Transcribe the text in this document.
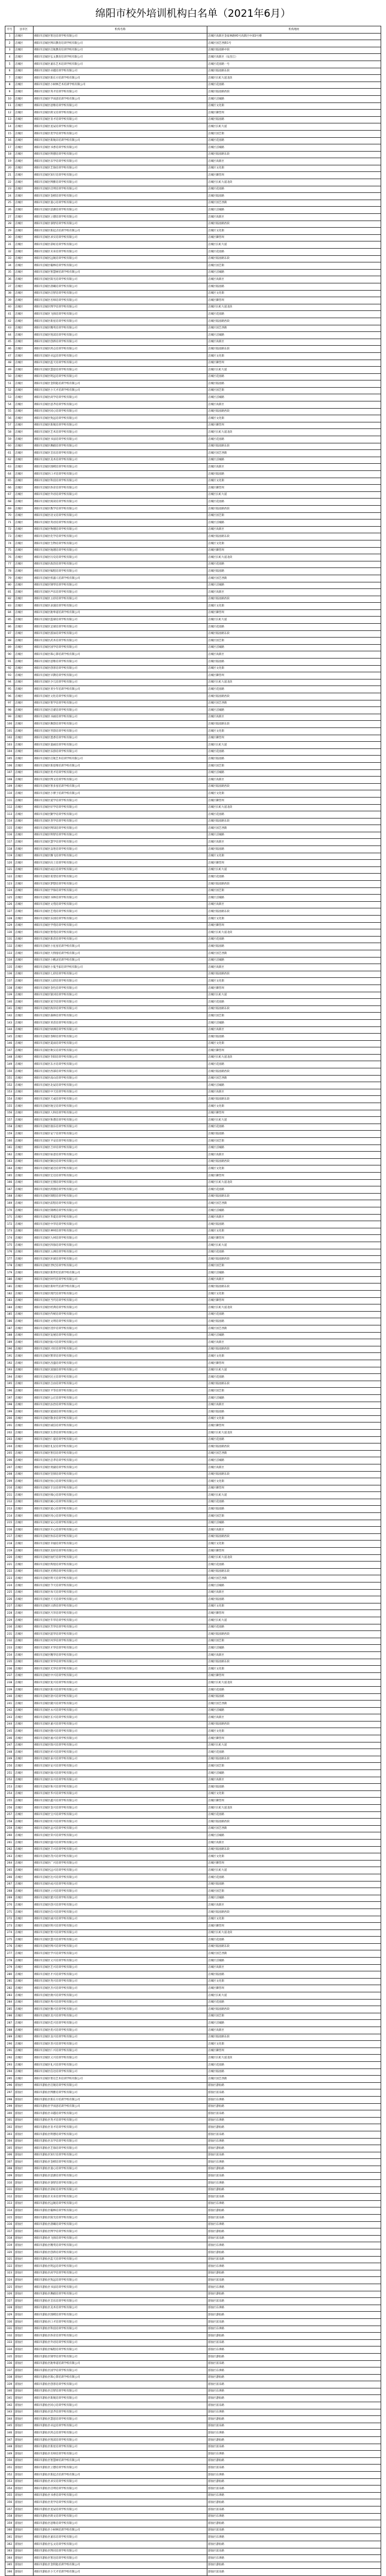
绵阳市校外培训机构白名单（2021年6月）
序号	县市区	机构名称	机构地址
1	涪城区	绵阳市涪城区智达培训学校有限公司	涪城区高新区金家林路95号高新区中部3号楼
2	涪城区	绵阳市涪城区博识教育培训学校有限公司	涪城区园艺西街1号
3	涪城区	绵阳市涪城区启航教育培训学校有限公司	涪城区临园路中段
4	涪城区	绵阳市涪城区弘文教育培训学校有限公司	涪城区高新区（安昌江）
5	涪城区	绵阳市涪城区嘉乐艺术培训学校有限公司	涪城区花园路一号
6	涪城区	绵阳市涪城区卓越培训学校有限公司	涪城区临园路东段
7	涪城区	绵阳市涪城区新东方培训学校有限公司	涪城区长虹大道北段
8	涪城区	绵阳市涪城区小树林艺术培训学校有限公司	涪城区花园路
9	涪城区	绵阳市涪城区英才培训学校有限公司	涪城区临园路西段
10	涪城区	绵阳市涪城区学而思培训学校有限公司	涪城区涪城路
11	涪城区	绵阳市涪城区思维培训学校有限公司	涪城区文化街
12	涪城区	绵阳市涪城区朗文培训学校有限公司	涪城区御营坝
13	涪城区	绵阳市涪城区育才培训学校有限公司	涪城区临园路
14	涪城区	绵阳市涪城区星辰培训学校有限公司	涪城区长虹大道
15	涪城区	绵阳市涪城区优学培训学校有限公司	涪城区园艺街
16	涪城区	绵阳市涪城区新航向培训学校有限公司	涪城区花园路
17	涪城区	绵阳市涪城区书香培训学校有限公司	涪城区涪城路
18	涪城区	绵阳市涪城区明德培训学校有限公司	涪城区临园路东段
19	涪城区	绵阳市涪城区乐学培训学校有限公司	涪城区高新区
20	涪城区	绵阳市涪城区艺海培训学校有限公司	涪城区文化街
21	涪城区	绵阳市涪城区知行培训学校有限公司	涪城区御营坝
22	涪城区	绵阳市涪城区博雅培训学校有限公司	涪城区长虹大道北段
23	涪城区	绵阳市涪城区启明培训学校有限公司	涪城区花园路
24	涪城区	绵阳市涪城区金榜培训学校有限公司	涪城区临园路
25	涪城区	绵阳市涪城区童心培训学校有限公司	涪城区园艺西街
26	涪城区	绵阳市涪城区思源培训学校有限公司	涪城区涪城路
27	涪城区	绵阳市涪城区立德培训学校有限公司	涪城区高新区
28	涪城区	绵阳市涪城区睿智培训学校有限公司	涪城区临园路西段
29	涪城区	绵阳市涪城区新起点培训学校有限公司	涪城区文化街
30	涪城区	绵阳市涪城区求实培训学校有限公司	涪城区御营坝
31	涪城区	绵阳市涪城区彩虹培训学校有限公司	涪城区长虹大道
32	涪城区	绵阳市涪城区未来培训学校有限公司	涪城区花园路
33	涪城区	绵阳市涪城区远航培训学校有限公司	涪城区临园路东段
34	涪城区	绵阳市涪城区翰林培训学校有限公司	涪城区园艺街
35	涪城区	绵阳市涪城区智慧树培训学校有限公司	涪城区涪城路
36	涪城区	绵阳市涪城区阳光培训学校有限公司	涪城区高新区
37	涪城区	绵阳市涪城区晨曦培训学校有限公司	涪城区临园路
38	涪城区	绵阳市涪城区启智培训学校有限公司	涪城区文化街
39	涪城区	绵阳市涪城区名师培训学校有限公司	涪城区御营坝
40	涪城区	绵阳市涪城区博学培训学校有限公司	涪城区长虹大道北段
41	涪城区	绵阳市涪城区飞扬培训学校有限公司	涪城区花园路
42	涪城区	绵阳市涪城区新星培训学校有限公司	涪城区临园路西段
43	涪城区	绵阳市涪城区精英培训学校有限公司	涪城区园艺西街
44	涪城区	绵阳市涪城区悦读培训学校有限公司	涪城区涪城路
45	涪城区	绵阳市涪城区创新培训学校有限公司	涪城区高新区
46	涪城区	绵阳市涪城区鸿志培训学校有限公司	涪城区临园路东段
47	涪城区	绵阳市涪城区卓远培训学校有限公司	涪城区文化街
48	涪城区	绵阳市涪城区蓝天培训学校有限公司	涪城区御营坝
49	涪城区	绵阳市涪城区慧思培训学校有限公司	涪城区长虹大道
50	涪城区	绵阳市涪城区明远培训学校有限公司	涪城区花园路
51	涪城区	绵阳市涪城区金钥匙培训学校有限公司	涪城区临园路
52	涪城区	绵阳市涪城区小天才培训学校有限公司	涪城区园艺街
53	涪城区	绵阳市涪城区尚学培训学校有限公司	涪城区涪城路
54	涪城区	绵阳市涪城区思齐培训学校有限公司	涪城区高新区
55	涪城区	绵阳市涪城区同心培训学校有限公司	涪城区临园路西段
56	涪城区	绵阳市涪城区致远培训学校有限公司	涪城区文化街
57	涪城区	绵阳市涪城区新航培训学校有限公司	涪城区御营坝
58	涪城区	绵阳市涪城区艺术培训学校有限公司	涪城区长虹大道北段
59	涪城区	绵阳市涪城区书法培训学校有限公司	涪城区花园路
60	涪城区	绵阳市涪城区舞蹈培训学校有限公司	涪城区临园路东段
61	涪城区	绵阳市涪城区音乐培训学校有限公司	涪城区园艺西街
62	涪城区	绵阳市涪城区美术培训学校有限公司	涪城区涪城路
63	涪城区	绵阳市涪城区围棋培训学校有限公司	涪城区高新区
64	涪城区	绵阳市涪城区口才培训学校有限公司	涪城区临园路
65	涪城区	绵阳市涪城区科技培训学校有限公司	涪城区文化街
66	涪城区	绵阳市涪城区体育培训学校有限公司	涪城区御营坝
67	涪城区	绵阳市涪城区外语培训学校有限公司	涪城区长虹大道
68	涪城区	绵阳市涪城区阅读培训学校有限公司	涪城区花园路
69	涪城区	绵阳市涪城区数学培训学校有限公司	涪城区临园路西段
70	涪城区	绵阳市涪城区语文培训学校有限公司	涪城区园艺街
71	涪城区	绵阳市涪城区英语培训学校有限公司	涪城区涪城路
72	涪城区	绵阳市涪城区物理培训学校有限公司	涪城区高新区
73	涪城区	绵阳市涪城区化学培训学校有限公司	涪城区临园路东段
74	涪城区	绵阳市涪城区生物培训学校有限公司	涪城区文化街
75	涪城区	绵阳市涪城区地理培训学校有限公司	涪城区御营坝
76	涪城区	绵阳市涪城区历史培训学校有限公司	涪城区长虹大道北段
77	涪城区	绵阳市涪城区政治培训学校有限公司	涪城区花园路
78	涪城区	绵阳市涪城区编程培训学校有限公司	涪城区临园路
79	涪城区	绵阳市涪城区机器人培训学校有限公司	涪城区园艺西街
80	涪城区	绵阳市涪城区钢琴培训学校有限公司	涪城区涪城路
81	涪城区	绵阳市涪城区声乐培训学校有限公司	涪城区高新区
82	涪城区	绵阳市涪城区主持培训学校有限公司	涪城区临园路西段
83	涪城区	绵阳市涪城区表演培训学校有限公司	涪城区文化街
84	涪城区	绵阳市涪城区跆拳道培训学校有限公司	涪城区御营坝
85	涪城区	绵阳市涪城区篮球培训学校有限公司	涪城区长虹大道
86	涪城区	绵阳市涪城区足球培训学校有限公司	涪城区花园路
87	涪城区	绵阳市涪城区游泳培训学校有限公司	涪城区临园路东段
88	涪城区	绵阳市涪城区武术培训学校有限公司	涪城区园艺街
89	涪城区	绵阳市涪城区国学培训学校有限公司	涪城区涪城路
90	涪城区	绵阳市涪城区珠心算培训学校有限公司	涪城区高新区
91	涪城区	绵阳市涪城区思维培训学校有限公司	涪城区临园路
92	涪城区	绵阳市涪城区创客培训学校有限公司	涪城区文化街
93	涪城区	绵阳市涪城区早教培训学校有限公司	涪城区御营坝
94	涪城区	绵阳市涪城区少儿培训学校有限公司	涪城区长虹大道北段
95	涪城区	绵阳市涪城区青少年培训学校有限公司	涪城区花园路
96	涪城区	绵阳市涪城区文化培训学校有限公司	涪城区临园路西段
97	涪城区	绵阳市涪城区智学培训学校有限公司	涪城区园艺西街
98	涪城区	绵阳市涪城区启蒙培训学校有限公司	涪城区涪城路
99	涪城区	绵阳市涪城区书画培训学校有限公司	涪城区高新区
100	涪城区	绵阳市涪城区舞韵培训学校有限公司	涪城区临园路东段
101	涪城区	绵阳市涪城区琴韵培训学校有限公司	涪城区文化街
102	涪城区	绵阳市涪城区墨香培训学校有限公司	涪城区御营坝
103	涪城区	绵阳市涪城区童画培训学校有限公司	涪城区长虹大道
104	涪城区	绵阳市涪城区乐韵培训学校有限公司	涪城区花园路
105	涪城区	绵阳市涪城区启航艺术培训学校有限公司	涪城区临园路
106	涪城区	绵阳市涪城区新思维培训学校有限公司	涪城区园艺街
107	涪城区	绵阳市涪城区优才培训学校有限公司	涪城区涪城路
108	涪城区	绵阳市涪城区博文培训学校有限公司	涪城区高新区
109	涪城区	绵阳市涪城区智多星培训学校有限公司	涪城区临园路西段
110	涪城区	绵阳市涪城区小博士培训学校有限公司	涪城区文化街
111	涪城区	绵阳市涪城区爱学培训学校有限公司	涪城区御营坝
112	涪城区	绵阳市涪城区好学培训学校有限公司	涪城区长虹大道北段
113	涪城区	绵阳市涪城区勤学培训学校有限公司	涪城区花园路
114	涪城区	绵阳市涪城区善学培训学校有限公司	涪城区临园路东段
115	涪城区	绵阳市涪城区博知培训学校有限公司	涪城区园艺西街
116	涪城区	绵阳市涪城区明智培训学校有限公司	涪城区涪城路
117	涪城区	绵阳市涪城区慧学培训学校有限公司	涪城区高新区
118	涪城区	绵阳市涪城区奋进培训学校有限公司	涪城区临园路
119	涪城区	绵阳市涪城区腾飞培训学校有限公司	涪城区文化街
120	涪城区	绵阳市涪城区向上培训学校有限公司	涪城区御营坝
121	涪城区	绵阳市涪城区成长培训学校有限公司	涪城区长虹大道
122	涪城区	绵阳市涪城区希望培训学校有限公司	涪城区花园路
123	涪城区	绵阳市涪城区梦想培训学校有限公司	涪城区临园路西段
124	涪城区	绵阳市涪城区学海培训学校有限公司	涪城区园艺街
125	涪城区	绵阳市涪城区书林培训学校有限公司	涪城区涪城路
126	涪城区	绵阳市涪城区文苑培训学校有限公司	涪城区高新区
127	涪城区	绵阳市涪城区艺苑培训学校有限公司	涪城区临园路东段
128	涪城区	绵阳市涪城区乐园培训学校有限公司	涪城区文化街
129	涪城区	绵阳市涪城区学苑培训学校有限公司	涪城区御营坝
130	涪城区	绵阳市涪城区智苑培训学校有限公司	涪城区长虹大道北段
131	涪城区	绵阳市涪城区新苗培训学校有限公司	涪城区花园路
132	涪城区	绵阳市涪城区小星星培训学校有限公司	涪城区临园路
133	涪城区	绵阳市涪城区大拇指培训学校有限公司	涪城区园艺西街
134	涪城区	绵阳市涪城区小精灵培训学校有限公司	涪城区涪城路
135	涪城区	绵阳市涪城区小鬼当家培训学校有限公司	涪城区高新区
136	涪城区	绵阳市涪城区七彩培训学校有限公司	涪城区临园路西段
137	涪城区	绵阳市涪城区五彩培训学校有限公司	涪城区文化街
138	涪城区	绵阳市涪城区金色培训学校有限公司	涪城区御营坝
139	涪城区	绵阳市涪城区银河培训学校有限公司	涪城区长虹大道
140	涪城区	绵阳市涪城区星空培训学校有限公司	涪城区花园路
141	涪城区	绵阳市涪城区海洋培训学校有限公司	涪城区临园路东段
142	涪城区	绵阳市涪城区森林培训学校有限公司	涪城区园艺街
143	涪城区	绵阳市涪城区青苗培训学校有限公司	涪城区涪城路
144	涪城区	绵阳市涪城区绿洲培训学校有限公司	涪城区高新区
145	涪城区	绵阳市涪城区春晖培训学校有限公司	涪城区临园路
146	涪城区	绵阳市涪城区夏雨培训学校有限公司	涪城区文化街
147	涪城区	绵阳市涪城区秋实培训学校有限公司	涪城区御营坝
148	涪城区	绵阳市涪城区冬阳培训学校有限公司	涪城区长虹大道北段
149	涪城区	绵阳市涪城区东方培训学校有限公司	涪城区花园路
150	涪城区	绵阳市涪城区西部培训学校有限公司	涪城区临园路西段
151	涪城区	绵阳市涪城区南山培训学校有限公司	涪城区园艺西街
152	涪城区	绵阳市涪城区北辰培训学校有限公司	涪城区涪城路
153	涪城区	绵阳市涪城区中天培训学校有限公司	涪城区高新区
154	涪城区	绵阳市涪城区天成培训学校有限公司	涪城区临园路东段
155	涪城区	绵阳市涪城区地宝培训学校有限公司	涪城区文化街
156	涪城区	绵阳市涪城区人和培训学校有限公司	涪城区御营坝
157	涪城区	绵阳市涪城区和谐培训学校有限公司	涪城区长虹大道
158	涪城区	绵阳市涪城区康乐培训学校有限公司	涪城区花园路
159	涪城区	绵阳市涪城区安宁培训学校有限公司	涪城区临园路
160	涪城区	绵阳市涪城区平安培训学校有限公司	涪城区园艺街
161	涪城区	绵阳市涪城区吉祥培训学校有限公司	涪城区涪城路
162	涪城区	绵阳市涪城区如意培训学校有限公司	涪城区高新区
163	涪城区	绵阳市涪城区顺达培训学校有限公司	涪城区临园路西段
164	涪城区	绵阳市涪城区通达培训学校有限公司	涪城区文化街
165	涪城区	绵阳市涪城区宏达培训学校有限公司	涪城区御营坝
166	涪城区	绵阳市涪城区宏图培训学校有限公司	涪城区长虹大道北段
167	涪城区	绵阳市涪城区鸿图培训学校有限公司	涪城区花园路
168	涪城区	绵阳市涪城区锦程培训学校有限公司	涪城区临园路东段
169	涪城区	绵阳市涪城区前程培训学校有限公司	涪城区园艺西街
170	涪城区	绵阳市涪城区锦绣培训学校有限公司	涪城区涪城路
171	涪城区	绵阳市涪城区华夏培训学校有限公司	涪城区高新区
172	涪城区	绵阳市涪城区中华培训学校有限公司	涪城区临园路
173	涪城区	绵阳市涪城区神州培训学校有限公司	涪城区文化街
174	涪城区	绵阳市涪城区九州培训学校有限公司	涪城区御营坝
175	涪城区	绵阳市涪城区四海培训学校有限公司	涪城区长虹大道
176	涪城区	绵阳市涪城区五洲培训学校有限公司	涪城区花园路
177	涪城区	绵阳市涪城区环球培训学校有限公司	涪城区临园路西段
178	涪城区	绵阳市涪城区世纪培训学校有限公司	涪城区园艺街
179	涪城区	绵阳市涪城区新世纪培训学校有限公司	涪城区涪城路
180	涪城区	绵阳市涪城区时代培训学校有限公司	涪城区高新区
181	涪城区	绵阳市涪城区新时代培训学校有限公司	涪城区临园路东段
182	涪城区	绵阳市涪城区现代培训学校有限公司	涪城区文化街
183	涪城区	绵阳市涪城区当代培训学校有限公司	涪城区御营坝
184	涪城区	绵阳市涪城区经典培训学校有限公司	涪城区长虹大道北段
185	涪城区	绵阳市涪城区传统培训学校有限公司	涪城区花园路
186	涪城区	绵阳市涪城区文明培训学校有限公司	涪城区临园路
187	涪城区	绵阳市涪城区进步培训学校有限公司	涪城区园艺西街
188	涪城区	绵阳市涪城区发展培训学校有限公司	涪城区涪城路
189	涪城区	绵阳市涪城区振兴培训学校有限公司	涪城区高新区
190	涪城区	绵阳市涪城区兴旺培训学校有限公司	涪城区临园路西段
191	涪城区	绵阳市涪城区繁荣培训学校有限公司	涪城区文化街
192	涪城区	绵阳市涪城区昌盛培训学校有限公司	涪城区御营坝
193	涪城区	绵阳市涪城区富强培训学校有限公司	涪城区长虹大道
194	涪城区	绵阳市涪城区民主培训学校有限公司	涪城区花园路
195	涪城区	绵阳市涪城区自由培训学校有限公司	涪城区临园路东段
196	涪城区	绵阳市涪城区平等培训学校有限公司	涪城区园艺街
197	涪城区	绵阳市涪城区公正培训学校有限公司	涪城区涪城路
198	涪城区	绵阳市涪城区法治培训学校有限公司	涪城区高新区
199	涪城区	绵阳市涪城区爱国培训学校有限公司	涪城区临园路
200	涪城区	绵阳市涪城区敬业培训学校有限公司	涪城区文化街
201	涪城区	绵阳市涪城区诚信培训学校有限公司	涪城区御营坝
202	涪城区	绵阳市涪城区友善培训学校有限公司	涪城区长虹大道北段
203	涪城区	绵阳市涪城区仁爱培训学校有限公司	涪城区花园路
204	涪城区	绵阳市涪城区礼仪培训学校有限公司	涪城区临园路西段
205	涪城区	绵阳市涪城区智信培训学校有限公司	涪城区园艺西街
206	涪城区	绵阳市涪城区忠孝培训学校有限公司	涪城区涪城路
207	涪城区	绵阳市涪城区勇毅培训学校有限公司	涪城区高新区
208	涪城区	绵阳市涪城区坚韧培训学校有限公司	涪城区临园路东段
209	涪城区	绵阳市涪城区恒心培训学校有限公司	涪城区文化街
210	涪城区	绵阳市涪城区专注培训学校有限公司	涪城区御营坝
211	涪城区	绵阳市涪城区细心培训学校有限公司	涪城区长虹大道
212	涪城区	绵阳市涪城区耐心培训学校有限公司	涪城区花园路
213	涪城区	绵阳市涪城区爱心培训学校有限公司	涪城区临园路
214	涪城区	绵阳市涪城区用心培训学校有限公司	涪城区园艺街
215	涪城区	绵阳市涪城区安心培训学校有限公司	涪城区涪城路
216	涪城区	绵阳市涪城区开心培训学校有限公司	涪城区高新区
217	涪城区	绵阳市涪城区快乐培训学校有限公司	涪城区临园路西段
218	涪城区	绵阳市涪城区幸福培训学校有限公司	涪城区文化街
219	涪城区	绵阳市涪城区美好培训学校有限公司	涪城区御营坝
220	涪城区	绵阳市涪城区灿烂培训学校有限公司	涪城区长虹大道北段
221	涪城区	绵阳市涪城区辉煌培训学校有限公司	涪城区花园路
222	涪城区	绵阳市涪城区光明培训学校有限公司	涪城区临园路东段
223	涪城区	绵阳市涪城区明天培训学校有限公司	涪城区园艺西街
224	涪城区	绵阳市涪城区今天培训学校有限公司	涪城区涪城路
225	涪城区	绵阳市涪城区每天培训学校有限公司	涪城区高新区
226	涪城区	绵阳市涪城区天天培训学校有限公司	涪城区临园路
227	涪城区	绵阳市涪城区日新培训学校有限公司	涪城区文化街
228	涪城区	绵阳市涪城区月异培训学校有限公司	涪城区御营坝
229	涪城区	绵阳市涪城区年华培训学校有限公司	涪城区长虹大道
230	涪城区	绵阳市涪城区芳华培训学校有限公司	涪城区花园路
231	涪城区	绵阳市涪城区韶华培训学校有限公司	涪城区临园路西段
232	涪城区	绵阳市涪城区风华培训学校有限公司	涪城区园艺街
233	涪城区	绵阳市涪城区才华培训学校有限公司	涪城区涪城路
234	涪城区	绵阳市涪城区精华培训学校有限公司	涪城区高新区
235	涪城区	绵阳市涪城区荣华培训学校有限公司	涪城区临园路东段
236	涪城区	绵阳市涪城区光华培训学校有限公司	涪城区文化街
237	涪城区	绵阳市涪城区中兴培训学校有限公司	涪城区御营坝
238	涪城区	绵阳市涪城区复兴培训学校有限公司	涪城区长虹大道北段
239	涪城区	绵阳市涪城区新兴培训学校有限公司	涪城区花园路
240	涪城区	绵阳市涪城区勃兴培训学校有限公司	涪城区临园路
241	涪城区	绵阳市涪城区隆兴培训学校有限公司	涪城区园艺西街
242	涪城区	绵阳市涪城区永兴培训学校有限公司	涪城区涪城路
243	涪城区	绵阳市涪城区长兴培训学校有限公司	涪城区高新区
244	涪城区	绵阳市涪城区嘉兴培训学校有限公司	涪城区临园路西段
245	涪城区	绵阳市涪城区德兴培训学校有限公司	涪城区文化街
246	涪城区	绵阳市涪城区福兴培训学校有限公司	涪城区御营坝
247	涪城区	绵阳市涪城区瑞兴培训学校有限公司	涪城区长虹大道
248	涪城区	绵阳市涪城区祥兴培训学校有限公司	涪城区花园路
249	涪城区	绵阳市涪城区泰兴培训学校有限公司	涪城区临园路东段
250	涪城区	绵阳市涪城区安兴培训学校有限公司	涪城区园艺街
251	涪城区	绵阳市涪城区康兴培训学校有限公司	涪城区涪城路
252	涪城区	绵阳市涪城区乐兴培训学校有限公司	涪城区高新区
253	涪城区	绵阳市涪城区和兴培训学校有限公司	涪城区临园路
254	涪城区	绵阳市涪城区华兴培训学校有限公司	涪城区文化街
255	涪城区	绵阳市涪城区鑫兴培训学校有限公司	涪城区御营坝
256	涪城区	绵阳市涪城区金兴培训学校有限公司	涪城区长虹大道北段
257	涪城区	绵阳市涪城区宝兴培训学校有限公司	涪城区花园路
258	涪城区	绵阳市涪城区旺兴培训学校有限公司	涪城区临园路西段
259	涪城区	绵阳市涪城区益兴培训学校有限公司	涪城区园艺西街
260	涪城区	绵阳市涪城区荣兴培训学校有限公司	涪城区涪城路
261	涪城区	绵阳市涪城区盛兴培训学校有限公司	涪城区高新区
262	涪城区	绵阳市涪城区丰兴培训学校有限公司	涪城区临园路东段
263	涪城区	绵阳市涪城区茂兴培训学校有限公司	涪城区文化街
264	涪城区	绵阳市涪城区广兴培训学校有限公司	涪城区御营坝
265	涪城区	绵阳市涪城区远兴培训学校有限公司	涪城区长虹大道
266	涪城区	绵阳市涪城区达兴培训学校有限公司	涪城区花园路
267	涪城区	绵阳市涪城区成兴培训学校有限公司	涪城区临园路
268	涪城区	绵阳市涪城区立兴培训学校有限公司	涪城区园艺街
269	涪城区	绵阳市涪城区建兴培训学校有限公司	涪城区涪城路
270	涪城区	绵阳市涪城区创兴培训学校有限公司	涪城区高新区
271	涪城区	绵阳市涪城区信兴培训学校有限公司	涪城区临园路西段
272	涪城区	绵阳市涪城区诚兴培训学校有限公司	涪城区文化街
273	涪城区	绵阳市涪城区明兴培训学校有限公司	涪城区御营坝
274	涪城区	绵阳市涪城区智兴培训学校有限公司	涪城区长虹大道北段
275	涪城区	绵阳市涪城区慧兴培训学校有限公司	涪城区花园路
276	涪城区	绵阳市涪城区博兴培训学校有限公司	涪城区临园路东段
277	涪城区	绵阳市涪城区学兴培训学校有限公司	涪城区园艺西街
278	涪城区	绵阳市涪城区文兴培训学校有限公司	涪城区涪城路
279	涪城区	绵阳市涪城区艺兴培训学校有限公司	涪城区高新区
280	涪城区	绵阳市涪城区才兴培训学校有限公司	涪城区临园路
281	涪城区	绵阳市涪城区英兴培训学校有限公司	涪城区文化街
282	涪城区	绵阳市涪城区杰兴培训学校有限公司	涪城区御营坝
283	涪城区	绵阳市涪城区俊兴培训学校有限公司	涪城区长虹大道
284	涪城区	绵阳市涪城区秀兴培训学校有限公司	涪城区花园路
285	涪城区	绵阳市涪城区雅兴培训学校有限公司	涪城区临园路西段
286	涪城区	绵阳市涪城区美兴培训学校有限公司	涪城区园艺街
287	涪城区	绵阳市涪城区佳兴培训学校有限公司	涪城区涪城路
288	涪城区	绵阳市涪城区优兴培训学校有限公司	涪城区高新区
289	涪城区	绵阳市涪城区良兴培训学校有限公司	涪城区临园路东段
290	涪城区	绵阳市涪城区善兴培训学校有限公司	涪城区文化街
291	涪城区	绵阳市涪城区仁兴培训学校有限公司	涪城区御营坝
292	涪城区	绵阳市涪城区义兴培训学校有限公司	涪城区长虹大道北段
293	涪城区	绵阳市涪城区礼兴培训学校有限公司	涪城区花园路
294	涪城区	绵阳市涪城区信达培训学校有限公司	涪城区临园路
295	涪城区	绵阳市涪城区智达艺术培训学校有限公司	涪城区园艺西街
296	游仙区	绵阳市游仙区启航培训学校有限公司	游仙区游仙路
297	游仙区	绵阳市游仙区博雅培训学校有限公司	游仙区富乐路
298	游仙区	绵阳市游仙区新东方培训学校有限公司	游仙区东津路
299	游仙区	绵阳市游仙区学而思培训学校有限公司	游仙区游仙路
300	游仙区	绵阳市游仙区卓越培训学校有限公司	游仙区富乐路
301	游仙区	绵阳市游仙区英才培训学校有限公司	游仙区东津路
302	游仙区	绵阳市游仙区育才培训学校有限公司	游仙区游仙路
303	游仙区	绵阳市游仙区明德培训学校有限公司	游仙区富乐路
304	游仙区	绵阳市游仙区乐学培训学校有限公司	游仙区东津路
305	游仙区	绵阳市游仙区艺海培训学校有限公司	游仙区游仙路
306	游仙区	绵阳市游仙区知行培训学校有限公司	游仙区富乐路
307	游仙区	绵阳市游仙区金榜培训学校有限公司	游仙区东津路
308	游仙区	绵阳市游仙区童心培训学校有限公司	游仙区游仙路
309	游仙区	绵阳市游仙区思源培训学校有限公司	游仙区富乐路
310	游仙区	绵阳市游仙区睿智培训学校有限公司	游仙区东津路
311	游仙区	绵阳市游仙区彩虹培训学校有限公司	游仙区游仙路
312	游仙区	绵阳市游仙区未来培训学校有限公司	游仙区富乐路
313	游仙区	绵阳市游仙区远航培训学校有限公司	游仙区东津路
314	游仙区	绵阳市游仙区翰林培训学校有限公司	游仙区游仙路
315	游仙区	绵阳市游仙区阳光培训学校有限公司	游仙区富乐路
316	游仙区	绵阳市游仙区晨曦培训学校有限公司	游仙区东津路
317	游仙区	绵阳市游仙区博学培训学校有限公司	游仙区游仙路
318	游仙区	绵阳市游仙区飞扬培训学校有限公司	游仙区富乐路
319	游仙区	绵阳市游仙区精英培训学校有限公司	游仙区东津路
320	游仙区	绵阳市游仙区创新培训学校有限公司	游仙区游仙路
321	游仙区	绵阳市游仙区蓝天培训学校有限公司	游仙区富乐路
322	游仙区	绵阳市游仙区明远培训学校有限公司	游仙区东津路
323	游仙区	绵阳市游仙区尚学培训学校有限公司	游仙区游仙路
324	游仙区	绵阳市游仙区致远培训学校有限公司	游仙区富乐路
325	游仙区	绵阳市游仙区书法培训学校有限公司	游仙区东津路
326	游仙区	绵阳市游仙区舞蹈培训学校有限公司	游仙区游仙路
327	游仙区	绵阳市游仙区音乐培训学校有限公司	游仙区富乐路
328	游仙区	绵阳市游仙区美术培训学校有限公司	游仙区东津路
329	游仙区	绵阳市游仙区围棋培训学校有限公司	游仙区游仙路
330	游仙区	绵阳市游仙区口才培训学校有限公司	游仙区富乐路
331	游仙区	绵阳市游仙区科技培训学校有限公司	游仙区东津路
332	游仙区	绵阳市游仙区体育培训学校有限公司	游仙区游仙路
333	游仙区	绵阳市游仙区外语培训学校有限公司	游仙区富乐路
334	游仙区	绵阳市游仙区编程培训学校有限公司	游仙区东津路
335	游仙区	绵阳市游仙区钢琴培训学校有限公司	游仙区游仙路
336	游仙区	绵阳市游仙区跆拳道培训学校有限公司	游仙区富乐路
337	游仙区	绵阳市游仙区国学培训学校有限公司	游仙区东津路
338	游仙区	绵阳市游仙区珠心算培训学校有限公司	游仙区游仙路
339	游仙区	绵阳市游仙区创客培训学校有限公司	游仙区富乐路
340	游仙区	绵阳市游仙区启智培训学校有限公司	游仙区东津路
341	游仙区	绵阳市游仙区新航培训学校有限公司	游仙区游仙路
342	游仙区	绵阳市游仙区同心培训学校有限公司	游仙区富乐路
343	游仙区	绵阳市游仙区思齐培训学校有限公司	游仙区东津路
344	游仙区	绵阳市游仙区慧思培训学校有限公司	游仙区游仙路
345	游仙区	绵阳市游仙区卓远培训学校有限公司	游仙区富乐路
346	游仙区	绵阳市游仙区鸿志培训学校有限公司	游仙区东津路
347	游仙区	绵阳市游仙区悦读培训学校有限公司	游仙区游仙路
348	游仙区	绵阳市游仙区新星培训学校有限公司	游仙区富乐路
349	游仙区	绵阳市游仙区名师培训学校有限公司	游仙区东津路
350	游仙区	绵阳市游仙区智慧树培训学校有限公司	游仙区游仙路
351	游仙区	绵阳市游仙区立德培训学校有限公司	游仙区富乐路
352	游仙区	绵阳市游仙区新起点培训学校有限公司	游仙区东津路
353	游仙区	绵阳市游仙区求实培训学校有限公司	游仙区游仙路
354	游仙区	绵阳市游仙区启明培训学校有限公司	游仙区富乐路
355	游仙区	绵阳市游仙区书香培训学校有限公司	游仙区东津路
356	游仙区	绵阳市游仙区优学培训学校有限公司	游仙区游仙路
357	游仙区	绵阳市游仙区星辰培训学校有限公司	游仙区富乐路
358	游仙区	绵阳市游仙区朗文培训学校有限公司	游仙区东津路
359	游仙区	绵阳市游仙区思维培训学校有限公司	游仙区游仙路
360	游仙区	绵阳市游仙区小树林培训学校有限公司	游仙区富乐路
361	游仙区	绵阳市游仙区嘉乐培训学校有限公司	游仙区东津路
362	游仙区	绵阳市游仙区弘文培训学校有限公司	游仙区游仙路
363	游仙区	绵阳市游仙区博识培训学校有限公司	游仙区富乐路
364	游仙区	绵阳市游仙区智达培训学校有限公司	游仙区东津路
365	游仙区	绵阳市游仙区金钥匙培训学校有限公司	游仙区游仙路
366	游仙区	绵阳市游仙区小天才培训学校有限公司	游仙区富乐路
